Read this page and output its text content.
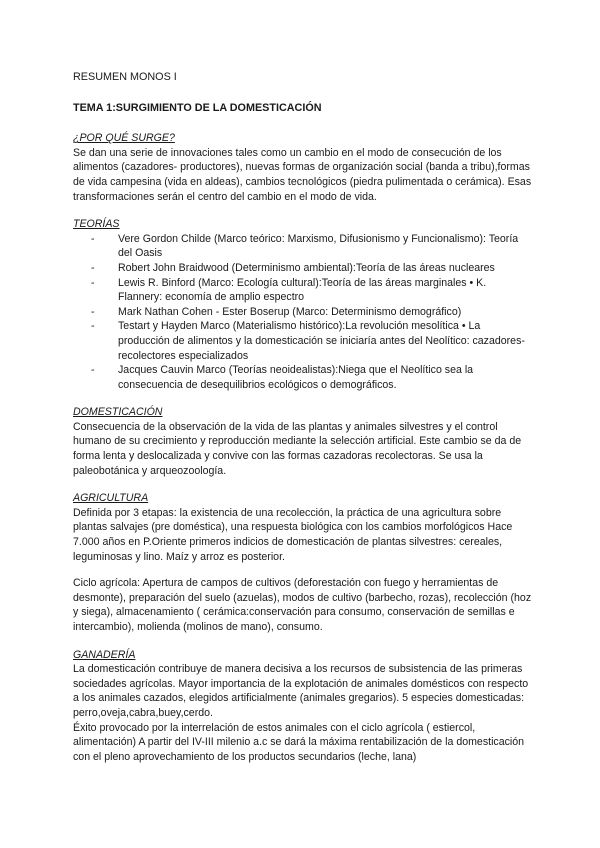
RESUMEN MONOS I
TEMA 1:SURGIMIENTO DE LA DOMESTICACIÓN
¿POR QUÉ SURGE?

Se dan una serie de innovaciones tales como un cambio en el modo de consecución de los alimentos (cazadores- productores), nuevas formas de organización social (banda a tribu),formas de vida campesina (vida en aldeas), cambios tecnológicos (piedra pulimentada o cerámica). Esas transformaciones serán el centro del cambio en el modo de vida.

TEORÍAS
- Vere Gordon Childe (Marco teórico: Marxismo, Difusionismo y Funcionalismo): Teoría del Oasis
- Robert John Braidwood (Determinismo ambiental):Teoría de las áreas nucleares
- Lewis R. Binford (Marco: Ecología cultural):Teoría de las áreas marginales • K. Flannery: economía de amplio espectro
- Mark Nathan Cohen - Ester Boserup (Marco: Determinismo demográfico)
- Testart y Hayden Marco (Materialismo histórico):La revolución mesolítica • La producción de alimentos y la domesticación se iniciaría antes del Neolítico: cazadores-recolectores especializados
- Jacques Cauvin Marco (Teorías neoidealistas):Niega que el Neolítico sea la consecuencia de desequilibrios ecológicos o demográficos.
DOMESTICACIÓN

Consecuencia de la observación de la vida de las plantas y animales silvestres y el control humano de su crecimiento y reproducción mediante la selección artificial. Este cambio se da de forma lenta y deslocalizada y convive con las formas cazadoras recolectoras. Se usa la paleobotánica y arqueozoología.

AGRICULTURA

Definida por 3 etapas: la existencia de una recolección, la práctica de una agricultura sobre plantas salvajes (pre doméstica), una respuesta biológica con los cambios morfológicos Hace 7.000 años en P.Oriente primeros indicios de domesticación de plantas silvestres: cereales, leguminosas y lino. Maíz y arroz es posterior.

Ciclo agrícola: Apertura de campos de cultivos (deforestación con fuego y herramientas de desmonte), preparación del suelo (azuelas), modos de cultivo (barbecho, rozas), recolección (hoz y siega), almacenamiento ( cerámica:conservación para consumo, conservación de semillas e intercambio), molienda (molinos de mano), consumo.

GANADERÍA

La domesticación contribuye de manera decisiva a los recursos de subsistencia de las primeras sociedades agrícolas. Mayor importancia de la explotación de animales domésticos con respecto a los animales cazados, elegidos artificialmente (animales gregarios). 5 especies domesticadas: perro,oveja,cabra,buey,cerdo.

Éxito provocado por la interrelación de estos animales con el ciclo agrícola ( estiercol, alimentación) A partir del IV-III milenio a.c se dará la máxima rentabilización de la domesticación con el pleno aprovechamiento de los productos secundarios (leche, lana)
